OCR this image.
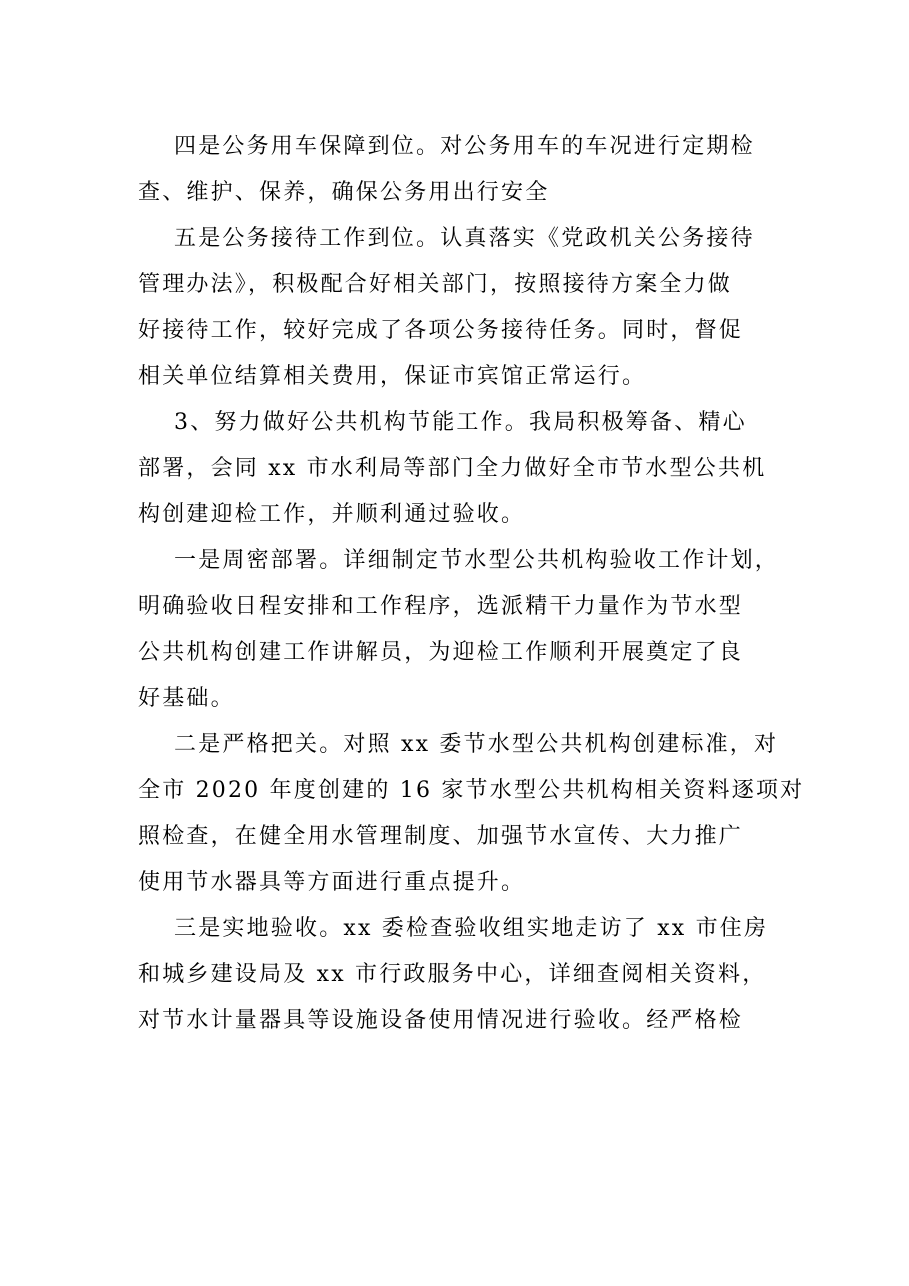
四是公务用车保障到位。对公务用车的车况进行定期检
查、维护、保养，确保公务用出行安全

五是公务接待工作到位。认真落实《党政机关公务接待
管理办法》，积极配合好相关部门，按照接待方案全力做
好接待工作，较好完成了各项公务接待任务。同时，督促
相关单位结算相关费用，保证市宾馆正常运行。

3、努力做好公共机构节能工作。我局积极筹备、精心
部署，会同 xx 市水利局等部门全力做好全市节水型公共机
构创建迎检工作，并顺利通过验收。

一是周密部署。详细制定节水型公共机构验收工作计划，
明确验收日程安排和工作程序，选派精干力量作为节水型
公共机构创建工作讲解员，为迎检工作顺利开展奠定了良
好基础。

二是严格把关。对照 xx 委节水型公共机构创建标准，对
全市 2020 年度创建的 16 家节水型公共机构相关资料逐项对
照检查，在健全用水管理制度、加强节水宣传、大力推广
使用节水器具等方面进行重点提升。

三是实地验收。xx 委检查验收组实地走访了 xx 市住房
和城乡建设局及 xx 市行政服务中心，详细查阅相关资料，
对节水计量器具等设施设备使用情况进行验收。经严格检
